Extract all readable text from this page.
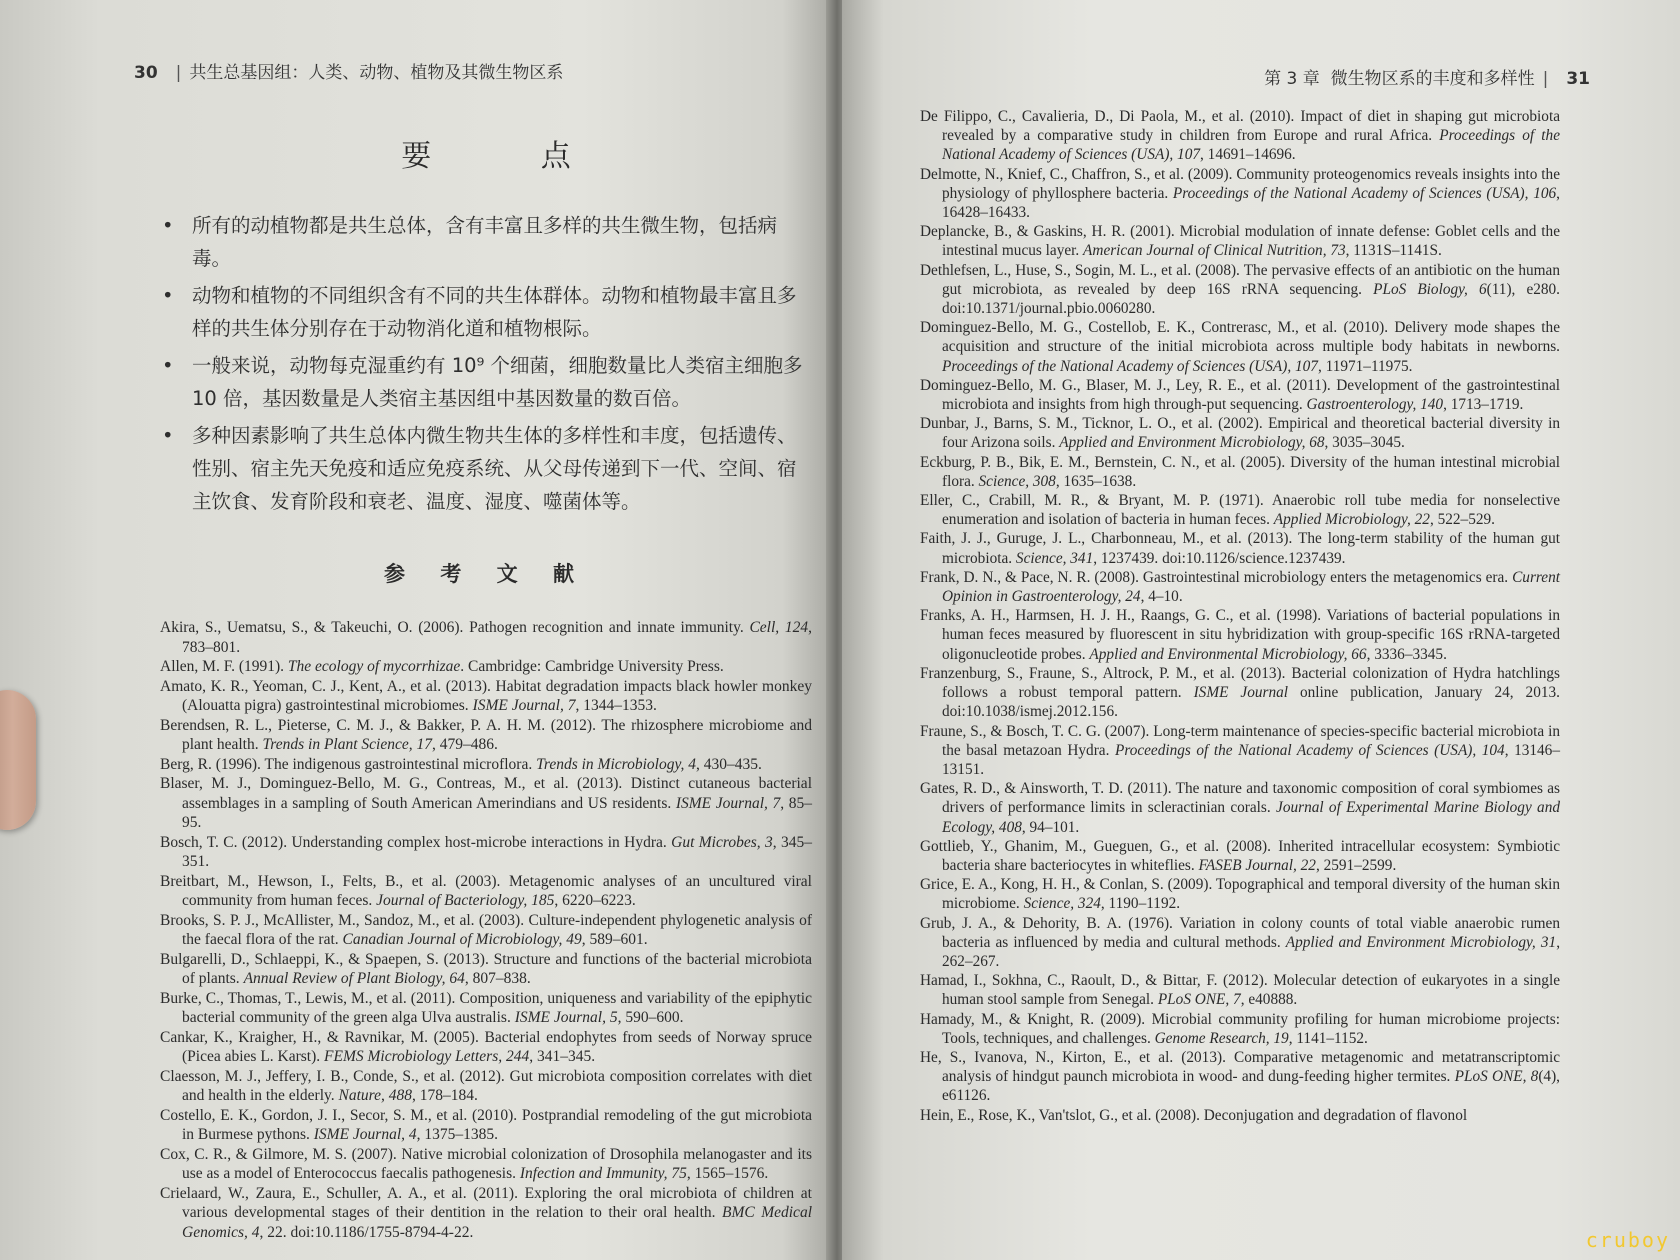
30 | 共生总基因组：人类、动物、植物及其微生物区系
要 点
• 所有的动植物都是共生总体，含有丰富且多样的共生微生物，包括病毒。
• 动物和植物的不同组织含有不同的共生体群体。动物和植物最丰富且多样的共生体分别存在于动物消化道和植物根际。
• 一般来说，动物每克湿重约有 10⁹ 个细菌，细胞数量比人类宿主细胞多 10 倍，基因数量是人类宿主基因组中基因数量的数百倍。
• 多种因素影响了共生总体内微生物共生体的多样性和丰度，包括遗传、性别、宿主先天免疫和适应免疫系统、从父母传递到下一代、空间、宿主饮食、发育阶段和衰老、温度、湿度、噬菌体等。
参 考 文 献
Akira, S., Uematsu, S., & Takeuchi, O. (2006). Pathogen recognition and innate immunity. Cell, 124, 783–801.
Allen, M. F. (1991). The ecology of mycorrhizae. Cambridge: Cambridge University Press.
Amato, K. R., Yeoman, C. J., Kent, A., et al. (2013). Habitat degradation impacts black howler monkey (Alouatta pigra) gastrointestinal microbiomes. ISME Journal, 7, 1344–1353.
Berendsen, R. L., Pieterse, C. M. J., & Bakker, P. A. H. M. (2012). The rhizosphere microbiome and plant health. Trends in Plant Science, 17, 479–486.
Berg, R. (1996). The indigenous gastrointestinal microflora. Trends in Microbiology, 4, 430–435.
Blaser, M. J., Dominguez-Bello, M. G., Contreas, M., et al. (2013). Distinct cutaneous bacterial assemblages in a sampling of South American Amerindians and US residents. ISME Journal, 7, 85–95.
Bosch, T. C. (2012). Understanding complex host-microbe interactions in Hydra. Gut Microbes, 3, 345–351.
Breitbart, M., Hewson, I., Felts, B., et al. (2003). Metagenomic analyses of an uncultured viral community from human feces. Journal of Bacteriology, 185, 6220–6223.
Brooks, S. P. J., McAllister, M., Sandoz, M., et al. (2003). Culture-independent phylogenetic analysis of the faecal flora of the rat. Canadian Journal of Microbiology, 49, 589–601.
Bulgarelli, D., Schlaeppi, K., & Spaepen, S. (2013). Structure and functions of the bacterial microbiota of plants. Annual Review of Plant Biology, 64, 807–838.
Burke, C., Thomas, T., Lewis, M., et al. (2011). Composition, uniqueness and variability of the epiphytic bacterial community of the green alga Ulva australis. ISME Journal, 5, 590–600.
Cankar, K., Kraigher, H., & Ravnikar, M. (2005). Bacterial endophytes from seeds of Norway spruce (Picea abies L. Karst). FEMS Microbiology Letters, 244, 341–345.
Claesson, M. J., Jeffery, I. B., Conde, S., et al. (2012). Gut microbiota composition correlates with diet and health in the elderly. Nature, 488, 178–184.
Costello, E. K., Gordon, J. I., Secor, S. M., et al. (2010). Postprandial remodeling of the gut microbiota in Burmese pythons. ISME Journal, 4, 1375–1385.
Cox, C. R., & Gilmore, M. S. (2007). Native microbial colonization of Drosophila melanogaster and its use as a model of Enterococcus faecalis pathogenesis. Infection and Immunity, 75, 1565–1576.
Crielaard, W., Zaura, E., Schuller, A. A., et al. (2011). Exploring the oral microbiota of children at various developmental stages of their dentition in the relation to their oral health. BMC Medical Genomics, 4, 22. doi:10.1186/1755-8794-4-22.
第 3 章 微生物区系的丰度和多样性 | 31
De Filippo, C., Cavalieria, D., Di Paola, M., et al. (2010). Impact of diet in shaping gut microbiota revealed by a comparative study in children from Europe and rural Africa. Proceedings of the National Academy of Sciences (USA), 107, 14691–14696.
Delmotte, N., Knief, C., Chaffron, S., et al. (2009). Community proteogenomics reveals insights into the physiology of phyllosphere bacteria. Proceedings of the National Academy of Sciences (USA), 106, 16428–16433.
Deplancke, B., & Gaskins, H. R. (2001). Microbial modulation of innate defense: Goblet cells and the intestinal mucus layer. American Journal of Clinical Nutrition, 73, 1131S–1141S.
Dethlefsen, L., Huse, S., Sogin, M. L., et al. (2008). The pervasive effects of an antibiotic on the human gut microbiota, as revealed by deep 16S rRNA sequencing. PLoS Biology, 6(11), e280. doi:10.1371/journal.pbio.0060280.
Dominguez-Bello, M. G., Costellob, E. K., Contrerasc, M., et al. (2010). Delivery mode shapes the acquisition and structure of the initial microbiota across multiple body habitats in newborns. Proceedings of the National Academy of Sciences (USA), 107, 11971–11975.
Dominguez-Bello, M. G., Blaser, M. J., Ley, R. E., et al. (2011). Development of the gastrointestinal microbiota and insights from high through-put sequencing. Gastroenterology, 140, 1713–1719.
Dunbar, J., Barns, S. M., Ticknor, L. O., et al. (2002). Empirical and theoretical bacterial diversity in four Arizona soils. Applied and Environment Microbiology, 68, 3035–3045.
Eckburg, P. B., Bik, E. M., Bernstein, C. N., et al. (2005). Diversity of the human intestinal microbial flora. Science, 308, 1635–1638.
Eller, C., Crabill, M. R., & Bryant, M. P. (1971). Anaerobic roll tube media for nonselective enumeration and isolation of bacteria in human feces. Applied Microbiology, 22, 522–529.
Faith, J. J., Guruge, J. L., Charbonneau, M., et al. (2013). The long-term stability of the human gut microbiota. Science, 341, 1237439. doi:10.1126/science.1237439.
Frank, D. N., & Pace, N. R. (2008). Gastrointestinal microbiology enters the metagenomics era. Current Opinion in Gastroenterology, 24, 4–10.
Franks, A. H., Harmsen, H. J. H., Raangs, G. C., et al. (1998). Variations of bacterial populations in human feces measured by fluorescent in situ hybridization with group-specific 16S rRNA-targeted oligonucleotide probes. Applied and Environmental Microbiology, 66, 3336–3345.
Franzenburg, S., Fraune, S., Altrock, P. M., et al. (2013). Bacterial colonization of Hydra hatchlings follows a robust temporal pattern. ISME Journal online publication, January 24, 2013. doi:10.1038/ismej.2012.156.
Fraune, S., & Bosch, T. C. G. (2007). Long-term maintenance of species-specific bacterial microbiota in the basal metazoan Hydra. Proceedings of the National Academy of Sciences (USA), 104, 13146–13151.
Gates, R. D., & Ainsworth, T. D. (2011). The nature and taxonomic composition of coral symbiomes as drivers of performance limits in scleractinian corals. Journal of Experimental Marine Biology and Ecology, 408, 94–101.
Gottlieb, Y., Ghanim, M., Gueguen, G., et al. (2008). Inherited intracellular ecosystem: Symbiotic bacteria share bacteriocytes in whiteflies. FASEB Journal, 22, 2591–2599.
Grice, E. A., Kong, H. H., & Conlan, S. (2009). Topographical and temporal diversity of the human skin microbiome. Science, 324, 1190–1192.
Grub, J. A., & Dehority, B. A. (1976). Variation in colony counts of total viable anaerobic rumen bacteria as influenced by media and cultural methods. Applied and Environment Microbiology, 31, 262–267.
Hamad, I., Sokhna, C., Raoult, D., & Bittar, F. (2012). Molecular detection of eukaryotes in a single human stool sample from Senegal. PLoS ONE, 7, e40888.
Hamady, M., & Knight, R. (2009). Microbial community profiling for human microbiome projects: Tools, techniques, and challenges. Genome Research, 19, 1141–1152.
He, S., Ivanova, N., Kirton, E., et al. (2013). Comparative metagenomic and metatranscriptomic analysis of hindgut paunch microbiota in wood- and dung-feeding higher termites. PLoS ONE, 8(4), e61126.
Hein, E., Rose, K., Van'tslot, G., et al. (2008). Deconjugation and degradation of flavonol
cruboy
